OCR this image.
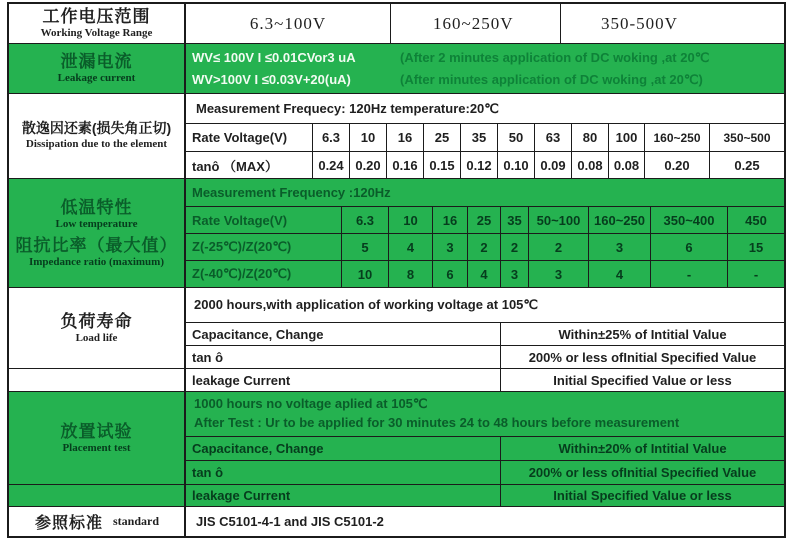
工作电压范围
Working Voltage Range
6.3~100V	160~250V	350-500V
泄漏电流
Leakage current
WV≤ 100V I ≤0.01CVor3 uA	(After 2 minutes application of DC woking ,at 20℃
WV>100V I ≤0.03V+20(uA)	(After minutes application of DC woking ,at 20℃)
散逸因还素(损失角正切)
Dissipation due to the element
Measurement Frequecy: 120Hz temperature:20℃
Rate Voltage(V)	6.3	10	16	25	35	50	63	80	100	160~250	350~500
tanô （MAX）	0.24 0.20 0.16 0.15 0.12 0.10 0.09 0.08 0.08	0.20	0.25
低温特性
Low temperature
阻抗比率（最大值）
Impedance ratio (maximum)
Measurement Frequency :120Hz
Rate Voltage(V)	6.3	10	16	25	35	50~100	160~250	350~400	450
Z(-25℃)/Z(20℃)	5	4	3	2	2	2	3	6	15
Z(-40℃)/Z(20℃)	10	8	6	4	3	3	4	-	-
负荷寿命
Load life
2000 hours,with application of working voltage at 105℃
Capacitance, Change	Within±25% of Intitial Value
tan ô	200% or less ofInitial Specified Value
leakage Current	Initial Specified Value or less
放置试验
Placement test
1000 hours no voltage aplied at 105℃
After Test : Ur to be applied for 30 minutes 24 to 48 hours before measurement
Capacitance, Change	Within±20% of Intitial Value
tan ô	200% or less ofInitial Specified Value
leakage Current	Initial Specified Value or less
参照标准 standard	JIS C5101-4-1 and JIS C5101-2
